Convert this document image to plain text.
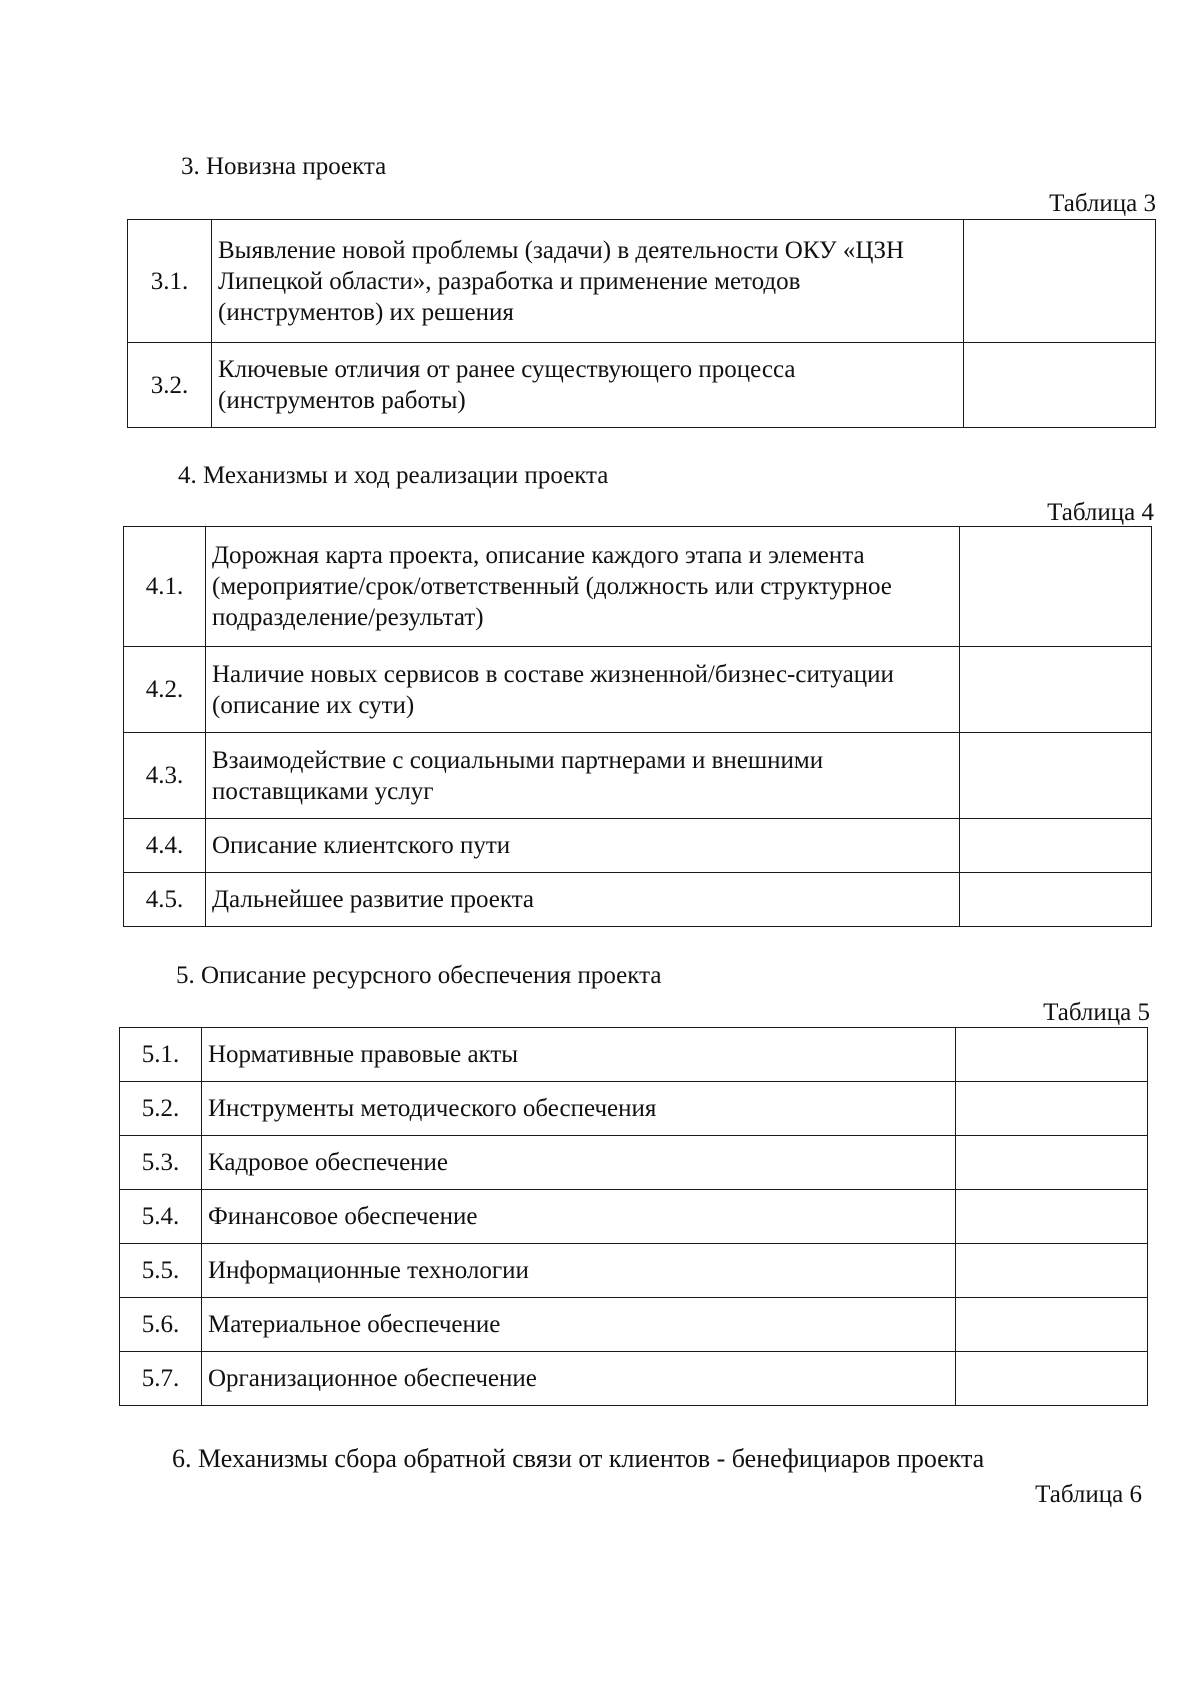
3. Новизна проекта
Таблица 3
3.1.	Выявление новой проблемы (задачи) в деятельности ОКУ «ЦЗН Липецкой области», разработка и применение методов (инструментов) их решения	
3.2.	Ключевые отличия от ранее существующего процесса (инструментов работы)	
4. Механизмы и ход реализации проекта
Таблица 4
4.1.	Дорожная карта проекта, описание каждого этапа и элемента (мероприятие/срок/ответственный (должность или структурное подразделение/результат)	
4.2.	Наличие новых сервисов в составе жизненной/бизнес-ситуации (описание их сути)	
4.3.	Взаимодействие с социальными партнерами и внешними поставщиками услуг	
4.4.	Описание клиентского пути	
4.5.	Дальнейшее развитие проекта	
5. Описание ресурсного обеспечения проекта
Таблица 5
5.1.	Нормативные правовые акты	
5.2.	Инструменты методического обеспечения	
5.3.	Кадровое обеспечение	
5.4.	Финансовое обеспечение	
5.5.	Информационные технологии	
5.6.	Материальное обеспечение	
5.7.	Организационное обеспечение	
6. Механизмы сбора обратной связи от клиентов - бенефициаров проекта
Таблица 6
